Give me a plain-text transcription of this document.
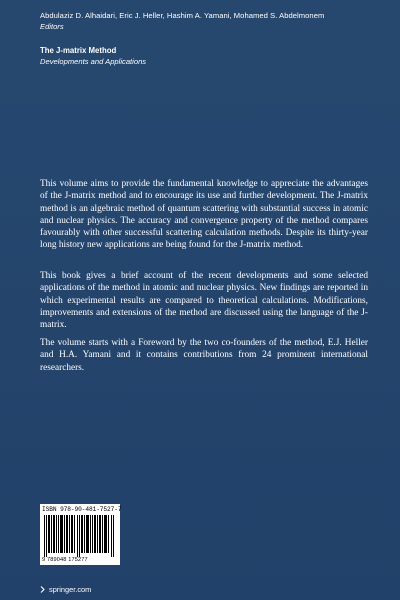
Abdulaziz D. Alhaidari, Eric J. Heller, Hashim A. Yamani, Mohamed S. Abdelmonem
Editors
The J-matrix Method
Developments and Applications

This volume aims to provide the fundamental knowledge to appreciate the advantages of the J-matrix method and to encourage its use and further development. The J-matrix method is an algebraic method of quantum scattering with substantial success in atomic and nuclear physics. The accuracy and convergence property of the method compares favourably with other successful scattering calculation methods. Despite its thirty-year long history new applications are being found for the J-matrix method.

This book gives a brief account of the recent developments and some selected applications of the method in atomic and nuclear physics. New findings are reported in which experimental results are compared to theoretical calculations. Modifications, improvements and extensions of the method are discussed using the language of the J-matrix.

The volume starts with a Foreword by the two co-founders of the method, E.J. Heller and H.A. Yamani and it contains contributions from 24 prominent international researchers.

ISBN 978-90-481-7527-7
9 789048 175277
springer.com
